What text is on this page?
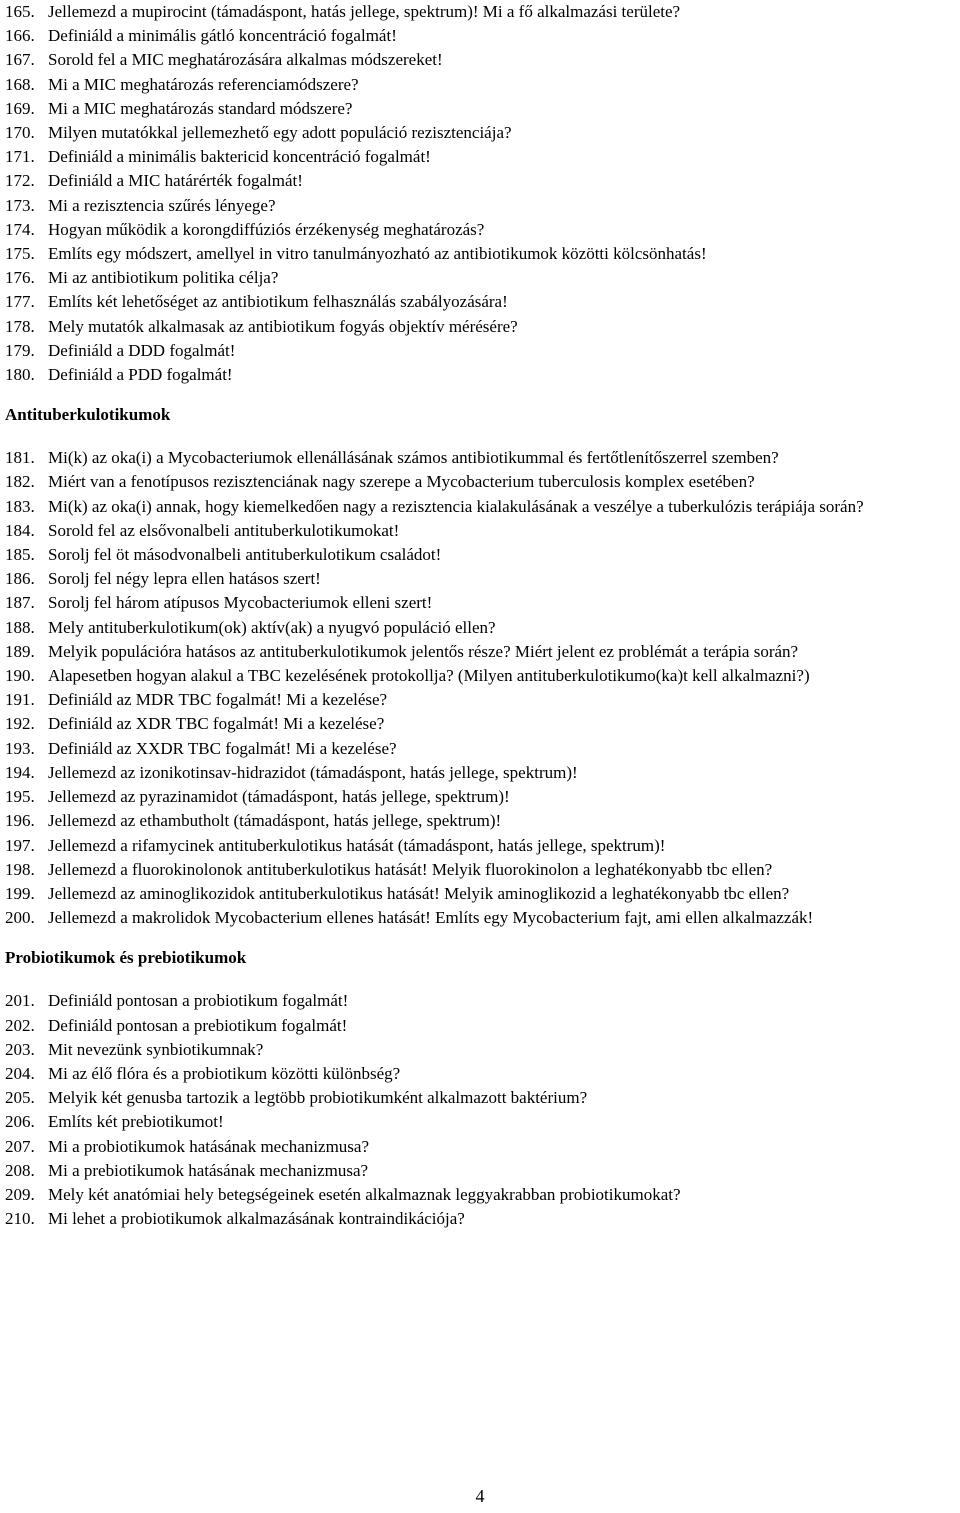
165. Jellemezd a mupirocint (támadáspont, hatás jellege, spektrum)! Mi a fő alkalmazási területe?
166. Definiáld a minimális gátló koncentráció fogalmát!
167. Sorold fel a MIC meghatározására alkalmas módszereket!
168. Mi a MIC meghatározás referenciamódszere?
169. Mi a MIC meghatározás standard módszere?
170. Milyen mutatókkal jellemezhető egy adott populáció rezisztenciája?
171. Definiáld a minimális baktericid koncentráció fogalmát!
172. Definiáld a MIC határérték fogalmát!
173. Mi a rezisztencia szűrés lényege?
174. Hogyan működik a korongdiffúziós érzékenység meghatározás?
175. Említs egy módszert, amellyel in vitro tanulmányozható az antibiotikumok közötti kölcsönhatás!
176. Mi az antibiotikum politika célja?
177. Említs két lehetőséget az antibiotikum felhasználás szabályozására!
178. Mely mutatók alkalmasak az antibiotikum fogyás objektív mérésére?
179. Definiáld a DDD fogalmát!
180. Definiáld a PDD fogalmát!

Antituberkulotikumok

181. Mi(k) az oka(i) a Mycobacteriumok ellenállásának számos antibiotikummal és fertőtlenítőszerrel szemben?
182. Miért van a fenotípusos rezisztenciának nagy szerepe a Mycobacterium tuberculosis komplex esetében?
183. Mi(k) az oka(i) annak, hogy kiemelkedően nagy a rezisztencia kialakulásának a veszélye a tuberkulózis terápiája során?
184. Sorold fel az elsővonalbeli antituberkulotikumokat!
185. Sorolj fel öt másodvonalbeli antituberkulotikum családot!
186. Sorolj fel négy lepra ellen hatásos szert!
187. Sorolj fel három atípusos Mycobacteriumok elleni szert!
188. Mely antituberkulotikum(ok) aktív(ak) a nyugvó populáció ellen?
189. Melyik populációra hatásos az antituberkulotikumok jelentős része? Miért jelent ez problémát a terápia során?
190. Alapesetben hogyan alakul a TBC kezelésének protokollja? (Milyen antituberkulotikumo(ka)t kell alkalmazni?)
191. Definiáld az MDR TBC fogalmát! Mi a kezelése?
192. Definiáld az XDR TBC fogalmát! Mi a kezelése?
193. Definiáld az XXDR TBC fogalmát! Mi a kezelése?
194. Jellemezd az izonikotinsav-hidrazidot (támadáspont, hatás jellege, spektrum)!
195. Jellemezd az pyrazinamidot (támadáspont, hatás jellege, spektrum)!
196. Jellemezd az ethambutholt (támadáspont, hatás jellege, spektrum)!
197. Jellemezd a rifamycinek antituberkulotikus hatását (támadáspont, hatás jellege, spektrum)!
198. Jellemezd a fluorokinolonok antituberkulotikus hatását! Melyik fluorokinolon a leghatékonyabb tbc ellen?
199. Jellemezd az aminoglikozidok antituberkulotikus hatását! Melyik aminoglikozid a leghatékonyabb tbc ellen?
200. Jellemezd a makrolidok Mycobacterium ellenes hatását! Említs egy Mycobacterium fajt, ami ellen alkalmazzák!

Probiotikumok és prebiotikumok

201. Definiáld pontosan a probiotikum fogalmát!
202. Definiáld pontosan a prebiotikum fogalmát!
203. Mit nevezünk synbiotikumnak?
204. Mi az élő flóra és a probiotikum közötti különbség?
205. Melyik két genusba tartozik a legtöbb probiotikumként alkalmazott baktérium?
206. Említs két prebiotikumot!
207. Mi a probiotikumok hatásának mechanizmusa?
208. Mi a prebiotikumok hatásának mechanizmusa?
209. Mely két anatómiai hely betegségeinek esetén alkalmaznak leggyakrabban probiotikumokat?
210. Mi lehet a probiotikumok alkalmazásának kontraindikációja?
4
